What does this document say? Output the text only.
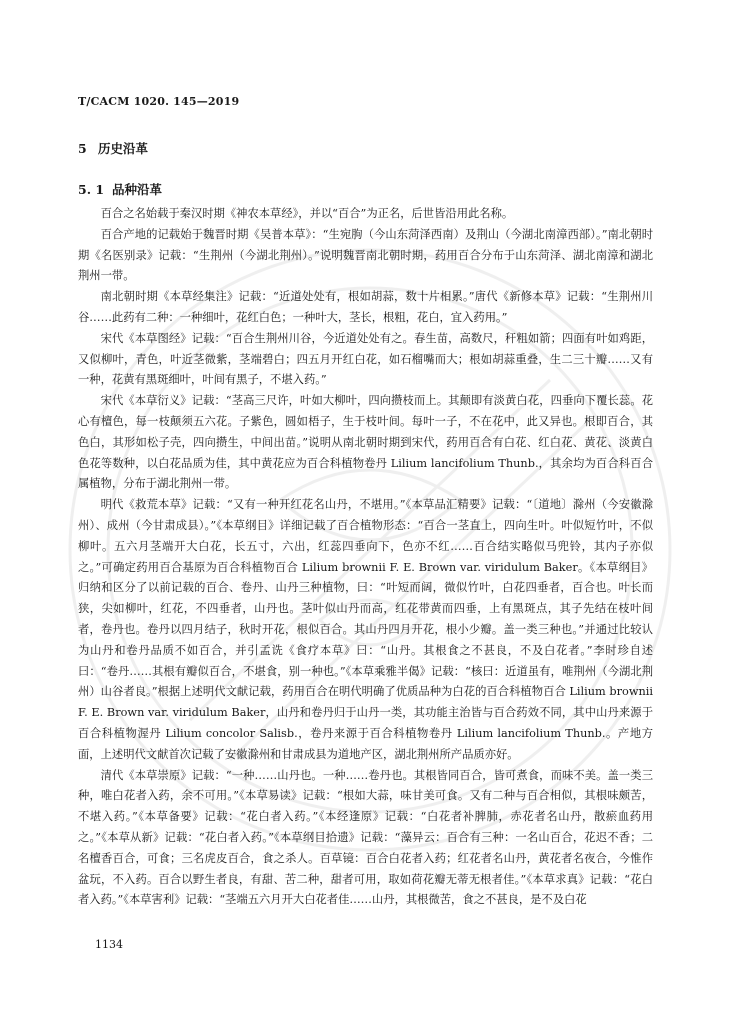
T/CACM 1020. 145—2019
5 历史沿革
5. 1 品种沿革

百合之名始载于秦汉时期《神农本草经》，并以“百合”为正名，后世皆沿用此名称。

百合产地的记载始于魏晋时期《吴普本草》：“生宛朐（今山东菏泽西南）及荆山（今湖北南漳西部）。”南北朝时期《名医别录》记载：“生荆州（今湖北荆州）。”说明魏晋南北朝时期，药用百合分布于山东菏泽、湖北南漳和湖北荆州一带。

南北朝时期《本草经集注》记载：“近道处处有，根如胡蒜，数十片相累。”唐代《新修本草》记载：“生荆州川谷……此药有二种：一种细叶，花红白色；一种叶大，茎长，根粗，花白，宜入药用。”

宋代《本草图经》记载：“百合生荆州川谷，今近道处处有之。春生苗，高数尺，秆粗如箭；四面有叶如鸡距，又似柳叶，青色，叶近茎微紫，茎端碧白；四五月开红白花，如石榴嘴而大；根如胡蒜重叠，生二三十瓣……又有一种，花黄有黑斑细叶，叶间有黑子，不堪入药。”

宋代《本草衍义》记载：“茎高三尺许，叶如大柳叶，四向攒枝而上。其颠即有淡黄白花，四垂向下覆长蕊。花心有檀色，每一枝颠须五六花。子紫色，圆如梧子，生于枝叶间。每叶一子，不在花中，此又异也。根即百合，其色白，其形如松子壳，四向攒生，中间出苗。”说明从南北朝时期到宋代，药用百合有白花、红白花、黄花、淡黄白色花等数种，以白花品质为佳，其中黄花应为百合科植物卷丹 Lilium lancifolium Thunb.，其余均为百合科百合属植物，分布于湖北荆州一带。

明代《救荒本草》记载：“又有一种开红花名山丹，不堪用。”《本草品汇精要》记载：“〔道地〕滁州（今安徽滁州）、成州（今甘肃成县）。”《本草纲目》详细记载了百合植物形态：“百合一茎直上，四向生叶。叶似短竹叶，不似柳叶。五六月茎端开大白花，长五寸，六出，红蕊四垂向下，色亦不红……百合结实略似马兜铃，其内子亦似之。”可确定药用百合基原为百合科植物百合 Lilium brownii F. E. Brown var. viridulum Baker。《本草纲目》归纳和区分了以前记载的百合、卷丹、山丹三种植物，曰：“叶短而阔，微似竹叶，白花四垂者，百合也。叶长而狭，尖如柳叶，红花，不四垂者，山丹也。茎叶似山丹而高，红花带黄而四垂，上有黑斑点，其子先结在枝叶间者，卷丹也。卷丹以四月结子，秋时开花，根似百合。其山丹四月开花，根小少瓣。盖一类三种也。”并通过比较认为山丹和卷丹品质不如百合，并引孟诜《食疗本草》曰：“山丹。其根食之不甚良，不及白花者。”李时珍自述曰：“卷丹……其根有瓣似百合，不堪食，别一种也。”《本草乘雅半偈》记载：“核曰：近道虽有，唯荆州（今湖北荆州）山谷者良。”根据上述明代文献记载，药用百合在明代明确了优质品种为白花的百合科植物百合 Lilium brownii F. E. Brown var. viridulum Baker，山丹和卷丹归于山丹一类，其功能主治皆与百合药效不同，其中山丹来源于百合科植物渥丹 Lilium concolor Salisb.，卷丹来源于百合科植物卷丹 Lilium lancifolium Thunb.。产地方面，上述明代文献首次记载了安徽滁州和甘肃成县为道地产区，湖北荆州所产品质亦好。

清代《本草崇原》记载：“一种……山丹也。一种……卷丹也。其根皆同百合，皆可煮食，而味不美。盖一类三种，唯白花者入药，余不可用。”《本草易读》记载：“根如大蒜，味甘美可食。又有二种与百合相似，其根味颇苦，不堪入药。”《本草备要》记载：“花白者入药。”《本经逢原》记载：“白花者补脾肺，赤花者名山丹，散瘀血药用之。”《本草从新》记载：“花白者入药。”《本草纲目拾遗》记载：“藻异云：百合有三种：一名山百合，花迟不香；二名檀香百合，可食；三名虎皮百合，食之杀人。百草镜：百合白花者入药；红花者名山丹，黄花者名夜合，今惟作盆玩，不入药。百合以野生者良，有甜、苦二种，甜者可用，取如荷花瓣无蒂无根者佳。”《本草求真》记载：“花白者入药。”《本草害利》记载：“茎端五六月开大白花者佳……山丹，其根微苦，食之不甚良，是不及白花

1134
